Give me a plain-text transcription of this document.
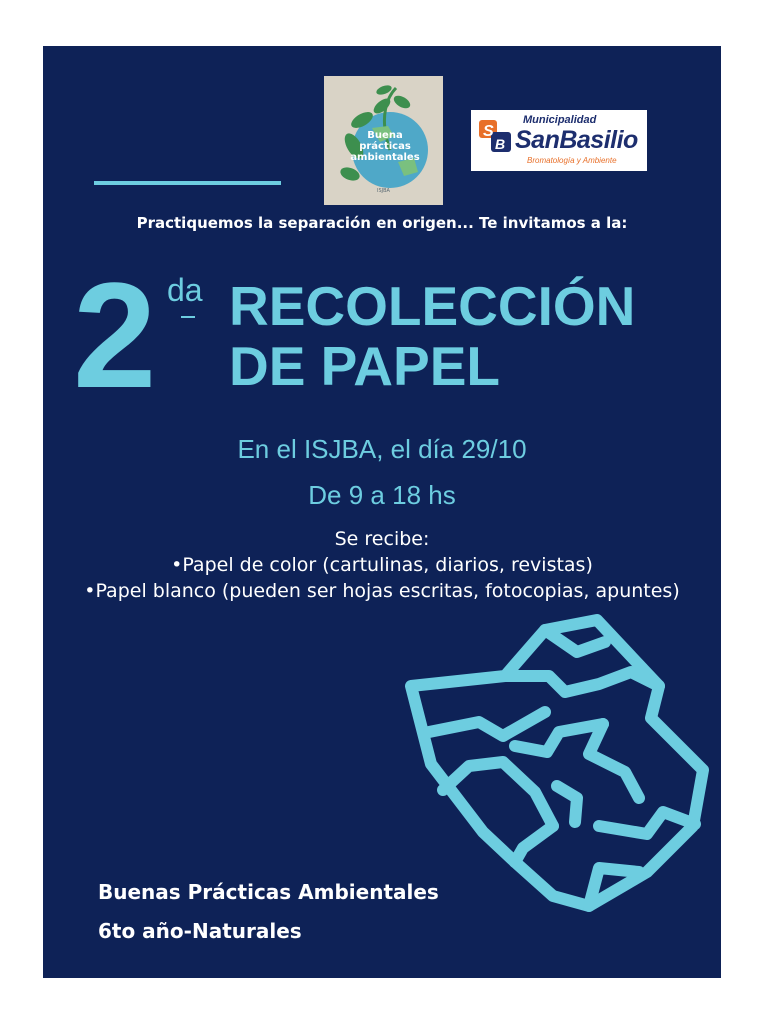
Buena prácticas ambientales
ISJBA
S
B
Municipalidad
SanBasilio
Bromatología y Ambiente
Practiquemos la separación en origen... Te invitamos a la:
2 da RECOLECCIÓN DE PAPEL
En el ISJBA, el día 29/10
De 9 a 18 hs
Se recibe:
•Papel de color (cartulinas, diarios, revistas)
•Papel blanco (pueden ser hojas escritas, fotocopias, apuntes)
Buenas Prácticas Ambientales
6to año-Naturales
